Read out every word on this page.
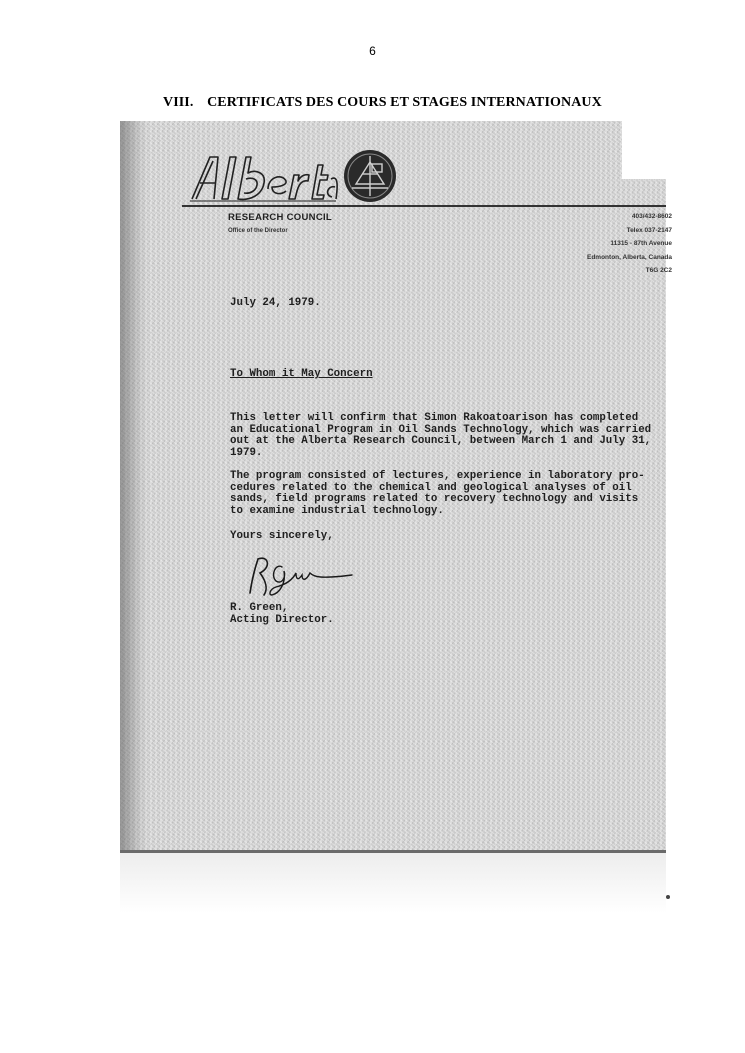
6
VIII. CERTIFICATS DES COURS ET STAGES INTERNATIONAUX
RESEARCH COUNCIL
Office of the Director
403/432-8602
Telex 037-2147
11315 - 87th Avenue
Edmonton, Alberta, Canada
T6G 2C2
July 24, 1979.
To Whom it May Concern
This letter will confirm that Simon Rakoatoarison has completed
an Educational Program in Oil Sands Technology, which was carried
out at the Alberta Research Council, between March 1 and July 31,
1979.
The program consisted of lectures, experience in laboratory pro-
cedures related to the chemical and geological analyses of oil
sands, field programs related to recovery technology and visits
to examine industrial technology.
Yours sincerely,
R. Green,
Acting Director.
